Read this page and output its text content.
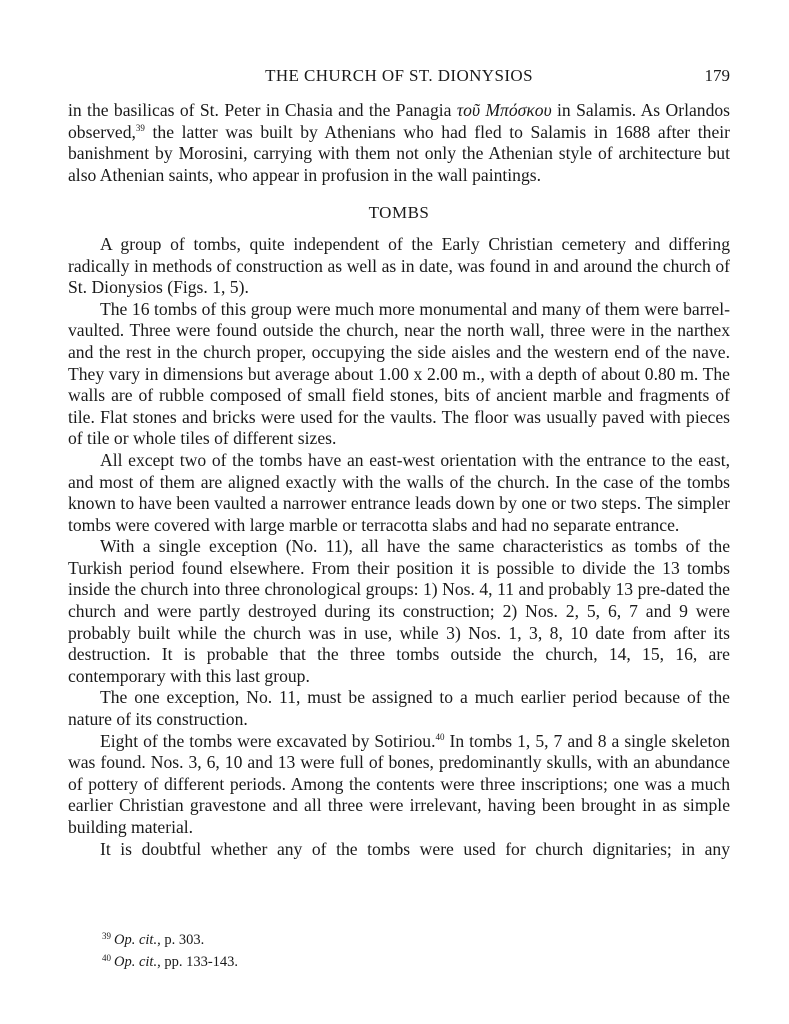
THE CHURCH OF ST. DIONYSIOS	179

in the basilicas of St. Peter in Chasia and the Panagia τοῦ Μπόσκου in Salamis. As Orlandos observed,$^{39}$ the latter was built by Athenians who had fled to Salamis in 1688 after their banishment by Morosini, carrying with them not only the Athenian style of architecture but also Athenian saints, who appear in profusion in the wall paintings.

TOMBS

A group of tombs, quite independent of the Early Christian cemetery and differing radically in methods of construction as well as in date, was found in and around the church of St. Dionysios (Figs. 1, 5).

The 16 tombs of this group were much more monumental and many of them were barrel-vaulted. Three were found outside the church, near the north wall, three were in the narthex and the rest in the church proper, occupying the side aisles and the western end of the nave. They vary in dimensions but average about 1.00 x 2.00 m., with a depth of about 0.80 m. The walls are of rubble composed of small field stones, bits of ancient marble and fragments of tile. Flat stones and bricks were used for the vaults. The floor was usually paved with pieces of tile or whole tiles of different sizes.

All except two of the tombs have an east-west orientation with the entrance to the east, and most of them are aligned exactly with the walls of the church. In the case of the tombs known to have been vaulted a narrower entrance leads down by one or two steps. The simpler tombs were covered with large marble or terracotta slabs and had no separate entrance.

With a single exception (No. 11), all have the same characteristics as tombs of the Turkish period found elsewhere. From their position it is possible to divide the 13 tombs inside the church into three chronological groups: 1) Nos. 4, 11 and probably 13 pre-dated the church and were partly destroyed during its construction; 2) Nos. 2, 5, 6, 7 and 9 were probably built while the church was in use, while 3) Nos. 1, 3, 8, 10 date from after its destruction. It is probable that the three tombs outside the church, 14, 15, 16, are contemporary with this last group.

The one exception, No. 11, must be assigned to a much earlier period because of the nature of its construction.

Eight of the tombs were excavated by Sotiriou.$^{40}$ In tombs 1, 5, 7 and 8 a single skeleton was found. Nos. 3, 6, 10 and 13 were full of bones, predominantly skulls, with an abundance of pottery of different periods. Among the contents were three inscriptions; one was a much earlier Christian gravestone and all three were irrelevant, having been brought in as simple building material.

It is doubtful whether any of the tombs were used for church dignitaries; in any

$^{39}$ Op. cit., p. 303.
$^{40}$ Op. cit., pp. 133-143.
